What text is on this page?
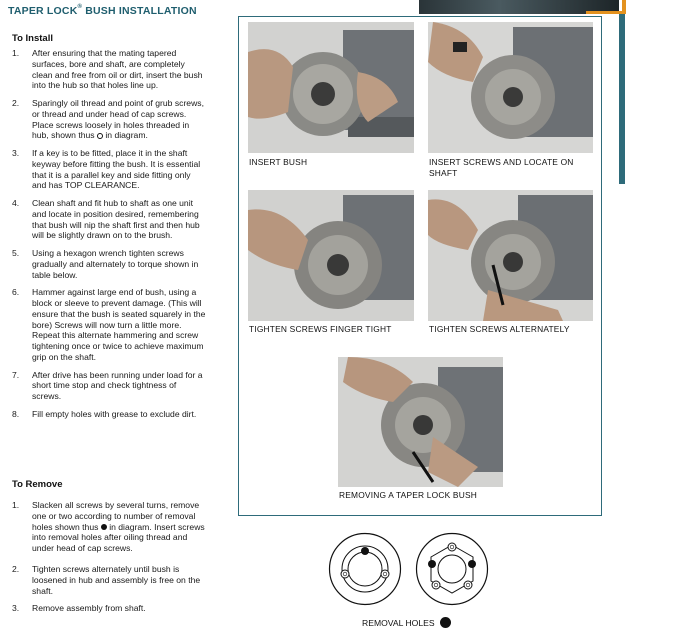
TAPER LOCK® BUSH INSTALLATION
To Install
1. After ensuring that the mating tapered surfaces, bore and shaft, are completely clean and free from oil or dirt, insert the bush into the hub so that holes line up.
2. Sparingly oil thread and point of grub screws, or thread and under head of cap screws. Place screws loosely in holes threaded in hub, shown thus in diagram.
3. If a key is to be fitted, place it in the shaft keyway before fitting the bush. It is essential that it is a parallel key and side fitting only and has TOP CLEARANCE.
4. Clean shaft and fit hub to shaft as one unit and locate in position desired, remembering that bush will nip the shaft first and then hub will be slightly drawn on to the brush.
5. Using a hexagon wrench tighten screws gradually and alternately to torque shown in table below.
6. Hammer against large end of bush, using a block or sleeve to prevent damage. (This will ensure that the bush is seated squarely in the bore) Screws will now turn a little more. Repeat this alternate hammering and screw tightening once or twice to achieve maximum grip on the shaft.
7. After drive has been running under load for a short time stop and check tightness of screws.
8. Fill empty holes with grease to exclude dirt.
To Remove
1. Slacken all screws by several turns, remove one or two according to number of removal holes shown thus in diagram. Insert screws into removal holes after oiling thread and under head of cap screws.
2. Tighten screws alternately until bush is loosened in hub and assembly is free on the shaft.
3. Remove assembly from shaft.
INSERT BUSH	INSERT SCREWS AND LOCATE ON SHAFT
TIGHTEN SCREWS FINGER TIGHT	TIGHTEN SCREWS ALTERNATELY
REMOVING A TAPER LOCK BUSH
REMOVAL HOLES
